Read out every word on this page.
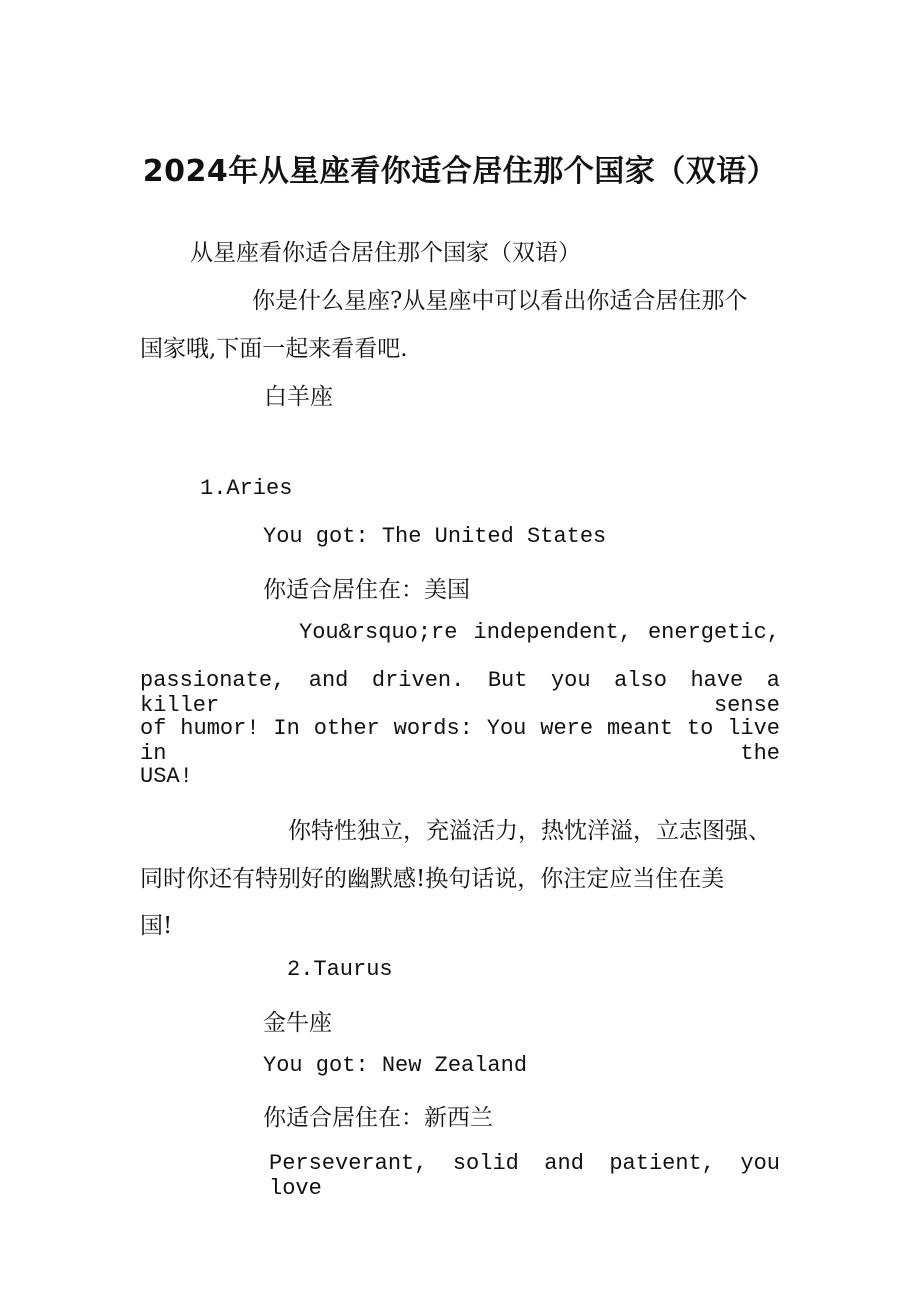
2024年从星座看你适合居住那个国家（双语）

从星座看你适合居住那个国家（双语）

你是什么星座?从星座中可以看出你适合居住那个

国家哦,下面一起来看看吧.

白羊座

1.Aries

You got: The United States

你适合居住在：美国

You&rsquo;re independent, energetic,

passionate, and driven. But you also have a killer sense

of humor! In other words: You were meant to live in the

USA!

你特性独立，充溢活力，热忱洋溢，立志图强、

同时你还有特别好的幽默感!换句话说，你注定应当住在美

国!

2.Taurus

金牛座

You got: New Zealand

你适合居住在：新西兰

Perseverant, solid and patient, you love
